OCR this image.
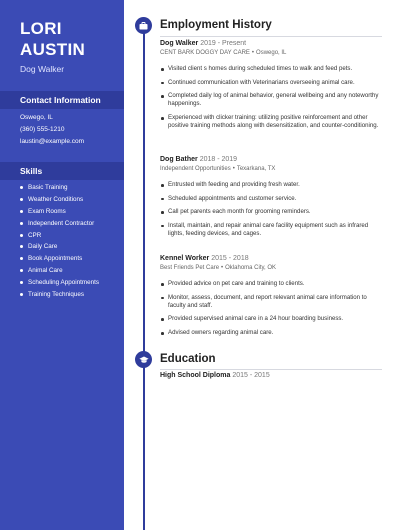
LORI
AUSTIN
Dog Walker
Contact Information
Oswego, IL
(360) 555-1210
laustin@example.com
Skills
Basic Training
Weather Conditions
Exam Rooms
Independent Contractor
CPR
Daily Care
Book Appointments
Animal Care
Scheduling Appointments
Training Techniques
Employment History
Dog Walker 2019 - Present
CENT BARK DOGGY DAY CARE • Oswego, IL
Visited client s homes during scheduled times to walk and feed pets.
Continued communication with Veterinarians overseeing animal care.
Completed daily log of animal behavior, general wellbeing and any noteworthy happenings.
Experienced with clicker training: utilizing positive reinforcement and other positive training methods along with desensitization, and counter-conditioning.
Dog Bather 2018 - 2019
Independent Opportunities • Texarkana, TX
Entrusted with feeding and providing fresh water.
Scheduled appointments and customer service.
Call pet parents each month for grooming reminders.
Install, maintain, and repair animal care facility equipment such as infrared lights, feeding devices, and cages.
Kennel Worker 2015 - 2018
Best Friends Pet Care • Oklahoma City, OK
Provided advice on pet care and training to clients.
Monitor, assess, document, and report relevant animal care information to faculty and staff.
Provided supervised animal care in a 24 hour boarding business.
Advised owners regarding animal care.
Education
High School Diploma 2015 - 2015
